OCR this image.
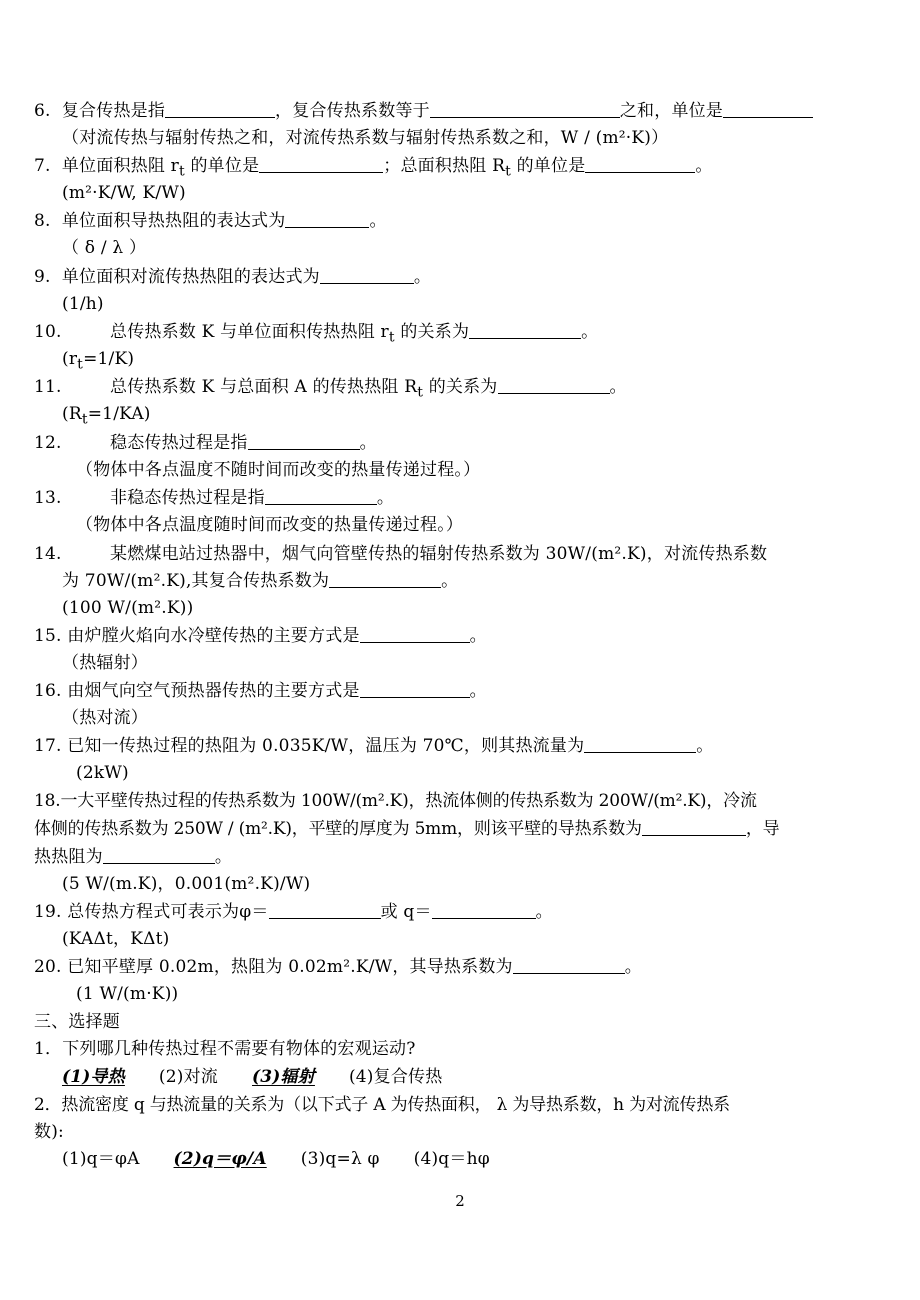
6. 复合传热是指	，复合传热系数等于	之和，单位是
（对流传热与辐射传热之和，对流传热系数与辐射传热系数之和，W / (m²·K)）
7. 单位面积热阻 $r_t$ 的单位是	；总面积热阻 $R_t$ 的单位是	。
(m²·K/W, K/W)
8. 单位面积导热热阻的表达式为	。
（ δ / λ ）
9. 单位面积对流传热热阻的表达式为	。
(1/h)
10.	总传热系数 K 与单位面积传热热阻 $r_t$ 的关系为	。
$(r_t=1/K)$
11.	总传热系数 K 与总面积 A 的传热热阻 $R_t$ 的关系为	。
$(R_t=1/KA)$
12.	稳态传热过程是指	。
（物体中各点温度不随时间而改变的热量传递过程。）
13.	非稳态传热过程是指	。
（物体中各点温度随时间而改变的热量传递过程。）
14.	某燃煤电站过热器中，烟气向管壁传热的辐射传热系数为 30W/(m².K)，对流传热系数
为 70W/(m².K),其复合传热系数为	。
(100 W/(m².K))
15. 由炉膛火焰向水冷壁传热的主要方式是	。
（热辐射）
16. 由烟气向空气预热器传热的主要方式是	。
（热对流）
17. 已知一传热过程的热阻为 0.035K/W，温压为 70℃，则其热流量为	。
(2kW)
18.一大平壁传热过程的传热系数为 100W/(m².K)，热流体侧的传热系数为 200W/(m².K)，冷流
体侧的传热系数为 250W / (m².K)，平壁的厚度为 5mm，则该平壁的导热系数为	，导
热热阻为	。
(5 W/(m.K)，0.001(m².K)/W)
19. 总传热方程式可表示为φ＝	或 q＝	。
(KAΔt，KΔt)
20. 已知平壁厚 0.02m，热阻为 0.02m².K/W，其导热系数为	。
(1 W/(m·K))
三、选择题
1．下列哪几种传热过程不需要有物体的宏观运动?
(1)导热 (2)对流 (3)辐射 (4)复合传热
2．热流密度 q 与热流量的关系为（以下式子 A 为传热面积， λ 为导热系数，h 为对流传热系
数):
(1)q＝φA (2)q＝φ/A (3)q=λ φ (4)q＝hφ
2
